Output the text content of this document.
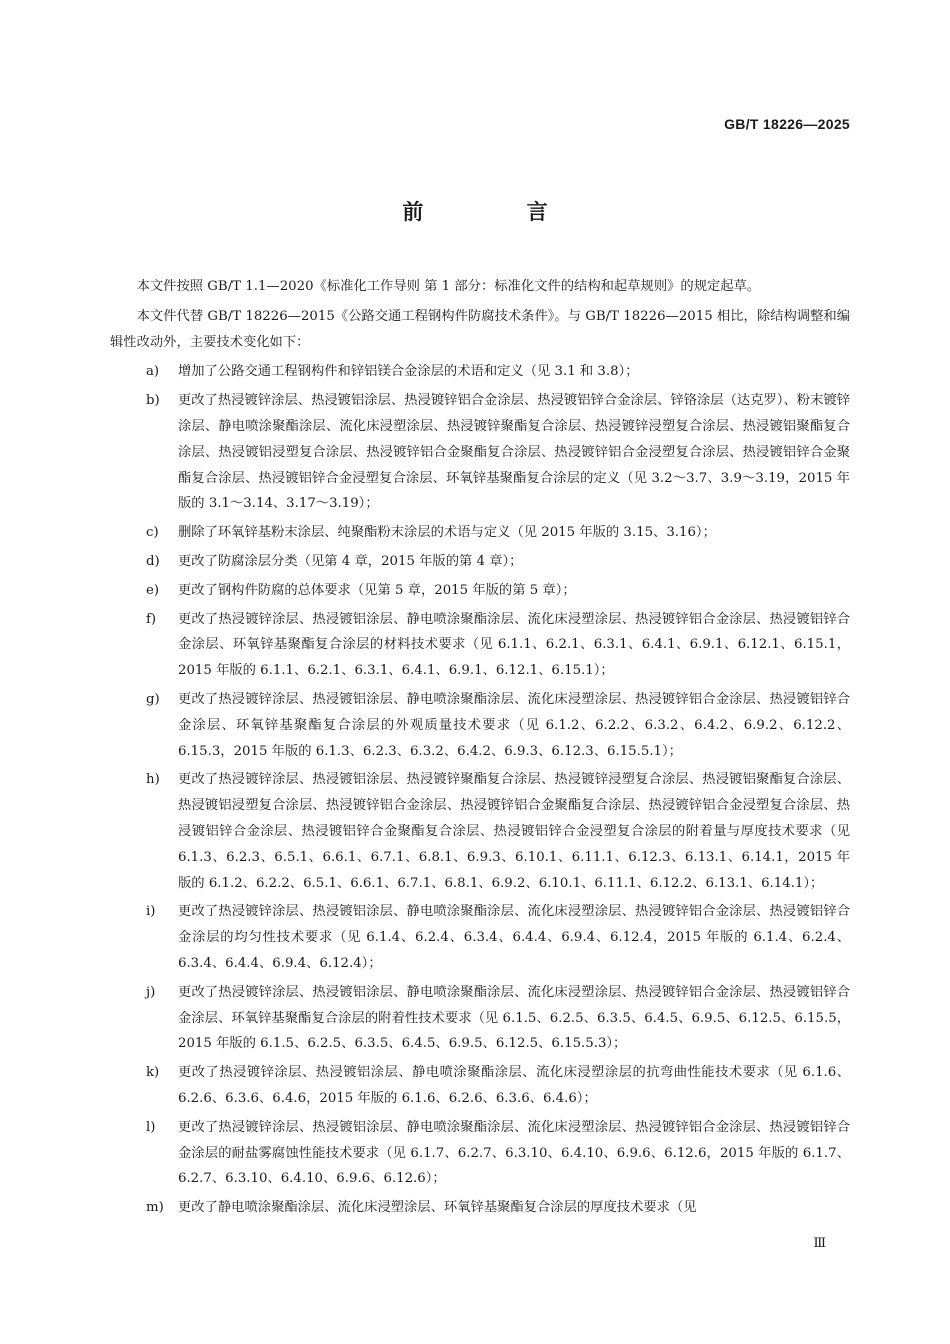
GB/T 18226—2025
前 言

本文件按照 GB/T 1.1—2020《标准化工作导则 第 1 部分：标准化文件的结构和起草规则》的规定起草。

本文件代替 GB/T 18226—2015《公路交通工程钢构件防腐技术条件》。与 GB/T 18226—2015 相比，除结构调整和编辑性改动外，主要技术变化如下：

a) 增加了公路交通工程钢构件和锌铝镁合金涂层的术语和定义（见 3.1 和 3.8）；
b) 更改了热浸镀锌涂层、热浸镀铝涂层、热浸镀锌铝合金涂层、热浸镀铝锌合金涂层、锌铬涂层（达克罗）、粉末镀锌涂层、静电喷涂聚酯涂层、流化床浸塑涂层、热浸镀锌聚酯复合涂层、热浸镀锌浸塑复合涂层、热浸镀铝聚酯复合涂层、热浸镀铝浸塑复合涂层、热浸镀锌铝合金聚酯复合涂层、热浸镀锌铝合金浸塑复合涂层、热浸镀铝锌合金聚酯复合涂层、热浸镀铝锌合金浸塑复合涂层、环氧锌基聚酯复合涂层的定义（见 3.2～3.7、3.9～3.19，2015 年版的 3.1～3.14、3.17～3.19）；
c) 删除了环氧锌基粉末涂层、纯聚酯粉末涂层的术语与定义（见 2015 年版的 3.15、3.16）；
d) 更改了防腐涂层分类（见第 4 章，2015 年版的第 4 章）；
e) 更改了钢构件防腐的总体要求（见第 5 章，2015 年版的第 5 章）；
f) 更改了热浸镀锌涂层、热浸镀铝涂层、静电喷涂聚酯涂层、流化床浸塑涂层、热浸镀锌铝合金涂层、热浸镀铝锌合金涂层、环氧锌基聚酯复合涂层的材料技术要求（见 6.1.1、6.2.1、6.3.1、6.4.1、6.9.1、6.12.1、6.15.1，2015 年版的 6.1.1、6.2.1、6.3.1、6.4.1、6.9.1、6.12.1、6.15.1）；
g) 更改了热浸镀锌涂层、热浸镀铝涂层、静电喷涂聚酯涂层、流化床浸塑涂层、热浸镀锌铝合金涂层、热浸镀铝锌合金涂层、环氧锌基聚酯复合涂层的外观质量技术要求（见 6.1.2、6.2.2、6.3.2、6.4.2、6.9.2、6.12.2、6.15.3，2015 年版的 6.1.3、6.2.3、6.3.2、6.4.2、6.9.3、6.12.3、6.15.5.1）；
h) 更改了热浸镀锌涂层、热浸镀铝涂层、热浸镀锌聚酯复合涂层、热浸镀锌浸塑复合涂层、热浸镀铝聚酯复合涂层、热浸镀铝浸塑复合涂层、热浸镀锌铝合金涂层、热浸镀锌铝合金聚酯复合涂层、热浸镀锌铝合金浸塑复合涂层、热浸镀铝锌合金涂层、热浸镀铝锌合金聚酯复合涂层、热浸镀铝锌合金浸塑复合涂层的附着量与厚度技术要求（见 6.1.3、6.2.3、6.5.1、6.6.1、6.7.1、6.8.1、6.9.3、6.10.1、6.11.1、6.12.3、6.13.1、6.14.1，2015 年版的 6.1.2、6.2.2、6.5.1、6.6.1、6.7.1、6.8.1、6.9.2、6.10.1、6.11.1、6.12.2、6.13.1、6.14.1）；
i) 更改了热浸镀锌涂层、热浸镀铝涂层、静电喷涂聚酯涂层、流化床浸塑涂层、热浸镀锌铝合金涂层、热浸镀铝锌合金涂层的均匀性技术要求（见 6.1.4、6.2.4、6.3.4、6.4.4、6.9.4、6.12.4，2015 年版的 6.1.4、6.2.4、6.3.4、6.4.4、6.9.4、6.12.4）；
j) 更改了热浸镀锌涂层、热浸镀铝涂层、静电喷涂聚酯涂层、流化床浸塑涂层、热浸镀锌铝合金涂层、热浸镀铝锌合金涂层、环氧锌基聚酯复合涂层的附着性技术要求（见 6.1.5、6.2.5、6.3.5、6.4.5、6.9.5、6.12.5、6.15.5，2015 年版的 6.1.5、6.2.5、6.3.5、6.4.5、6.9.5、6.12.5、6.15.5.3）；
k) 更改了热浸镀锌涂层、热浸镀铝涂层、静电喷涂聚酯涂层、流化床浸塑涂层的抗弯曲性能技术要求（见 6.1.6、6.2.6、6.3.6、6.4.6，2015 年版的 6.1.6、6.2.6、6.3.6、6.4.6）；
l) 更改了热浸镀锌涂层、热浸镀铝涂层、静电喷涂聚酯涂层、流化床浸塑涂层、热浸镀锌铝合金涂层、热浸镀铝锌合金涂层的耐盐雾腐蚀性能技术要求（见 6.1.7、6.2.7、6.3.10、6.4.10、6.9.6、6.12.6，2015 年版的 6.1.7、6.2.7、6.3.10、6.4.10、6.9.6、6.12.6）；
m) 更改了静电喷涂聚酯涂层、流化床浸塑涂层、环氧锌基聚酯复合涂层的厚度技术要求（见
Ⅲ
